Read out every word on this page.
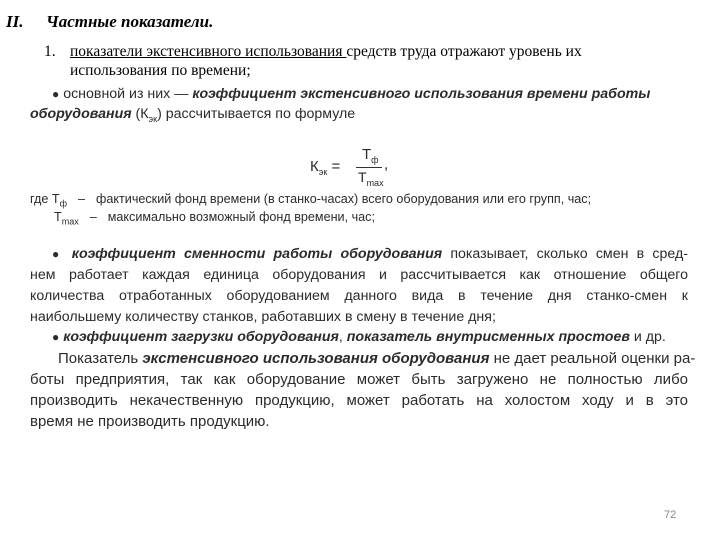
II. Частные показатели.
1. показатели экстенсивного использования средств труда отражают уровень их
использования по времени;
● основной из них — коэффициент экстенсивного использования времени работы
оборудования $(К_{эк})$ рассчитывается по формуле
$К_{эк}$ =
$Т_ф$
$Т_{max}$
,
где $Т_ф$ – фактический фонд времени (в станко-часах) всего оборудования или его групп, час;
$Т_{max}$ – максимально возможный фонд времени, час;
● коэффициент сменности работы оборудования показывает, сколько смен в сред-
нем работает каждая единица оборудования и рассчитывается как отношение общего
количества отработанных оборудованием данного вида в течение дня станко-смен к
наибольшему количеству станков, работавших в смену в течение дня;
● коэффициент загрузки оборудования, показатель внутрисменных простоев и др.
Показатель экстенсивного использования оборудования не дает реальной оценки ра-
боты предприятия, так как оборудование может быть загружено не полностью либо
производить некачественную продукцию, может работать на холостом ходу и в это
время не производить продукцию.
72
